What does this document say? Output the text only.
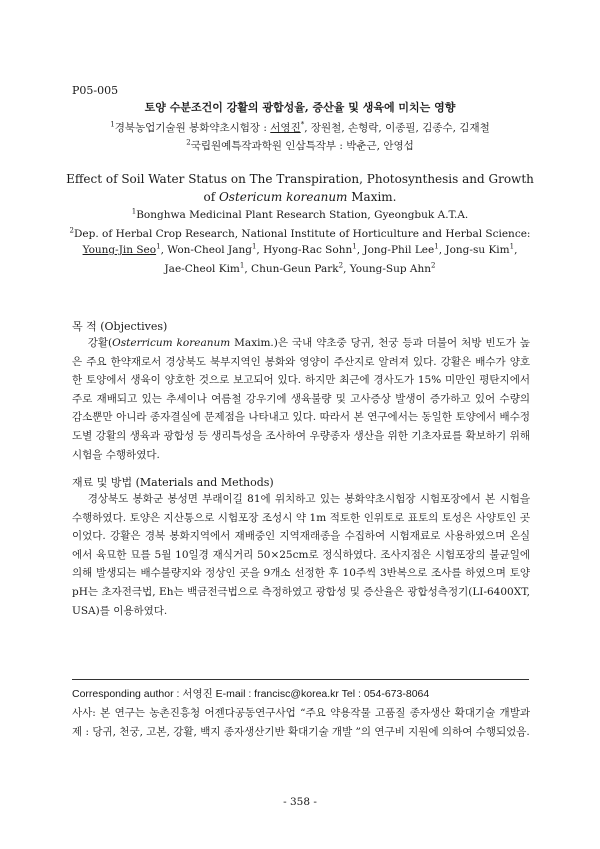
P05-005
토양 수분조건이 강활의 광합성율, 증산율 및 생육에 미치는 영향
$^1$경북농업기술원 봉화약초시험장 : 서영진*, 장원철, 손형락, 이종필, 김종수, 김재철
$^2$국립원예특작과학원 인삼특작부 : 박춘근, 안영섭
Effect of Soil Water Status on The Transpiration, Photosynthesis and Growth
of Ostericum koreanum Maxim.
$^1$Bonghwa Medicinal Plant Research Station, Gyeongbuk A.T.A.
$^2$Dep. of Herbal Crop Research, National Institute of Horticulture and Herbal Science:
Young-Jin Seo$^1$, Won-Cheol Jang$^1$, Hyong-Rac Sohn$^1$, Jong-Phil Lee$^1$, Jong-su Kim$^1$,
Jae-Cheol Kim$^1$, Chun-Geun Park$^2$, Young-Sup Ahn$^2$
목 적 (Objectives)
강활(Osterricum koreanum Maxim.)은 국내 약초중 당귀, 천궁 등과 더불어 처방 빈도가 높은 주요 한약재로서 경상북도 북부지역인 봉화와 영양이 주산지로 알려져 있다. 강활은 배수가 양호한 토양에서 생육이 양호한 것으로 보고되어 있다. 하지만 최근에 경사도가 15% 미만인 평탄지에서 주로 재배되고 있는 추세이나 여름철 강우기에 생육불량 및 고사증상 발생이 증가하고 있어 수량의 감소뿐만 아니라 종자결실에 문제점을 나타내고 있다. 따라서 본 연구에서는 동일한 토양에서 배수정도별 강활의 생육과 광합성 등 생리특성을 조사하여 우량종자 생산을 위한 기초자료를 확보하기 위해 시험을 수행하였다.
재료 및 방법 (Materials and Methods)
경상북도 봉화군 봉성면 부래이길 81에 위치하고 있는 봉화약초시험장 시험포장에서 본 시험을 수행하였다. 토양은 지산통으로 시험포장 조성시 약 1m 적토한 인위토로 표토의 토성은 사양토인 곳이었다. 강활은 경북 봉화지역에서 재배중인 지역재래종을 수집하여 시험재료로 사용하였으며 온실에서 육묘한 묘를 5월 10일경 재식거리 50×25cm로 정식하였다. 조사지점은 시험포장의 불균일에 의해 발생되는 배수불량지와 정상인 곳을 9개소 선정한 후 10주씩 3반복으로 조사를 하였으며 토양 pH는 초자전극법, Eh는 백금전극법으로 측정하였고 광합성 및 증산율은 광합성측정기(LI-6400XT, USA)를 이용하였다.
Corresponding author : 서영진 E-mail : francisc@korea.kr Tel : 054-673-8064
사사: 본 연구는 농촌진흥청 어젠다공동연구사업 “주요 약용작물 고품질 종자생산 확대기술 개발과제 : 당귀, 천궁, 고본, 강활, 백지 종자생산기반 확대기술 개발 ”의 연구비 지원에 의하여 수행되었음.
- 358 -
